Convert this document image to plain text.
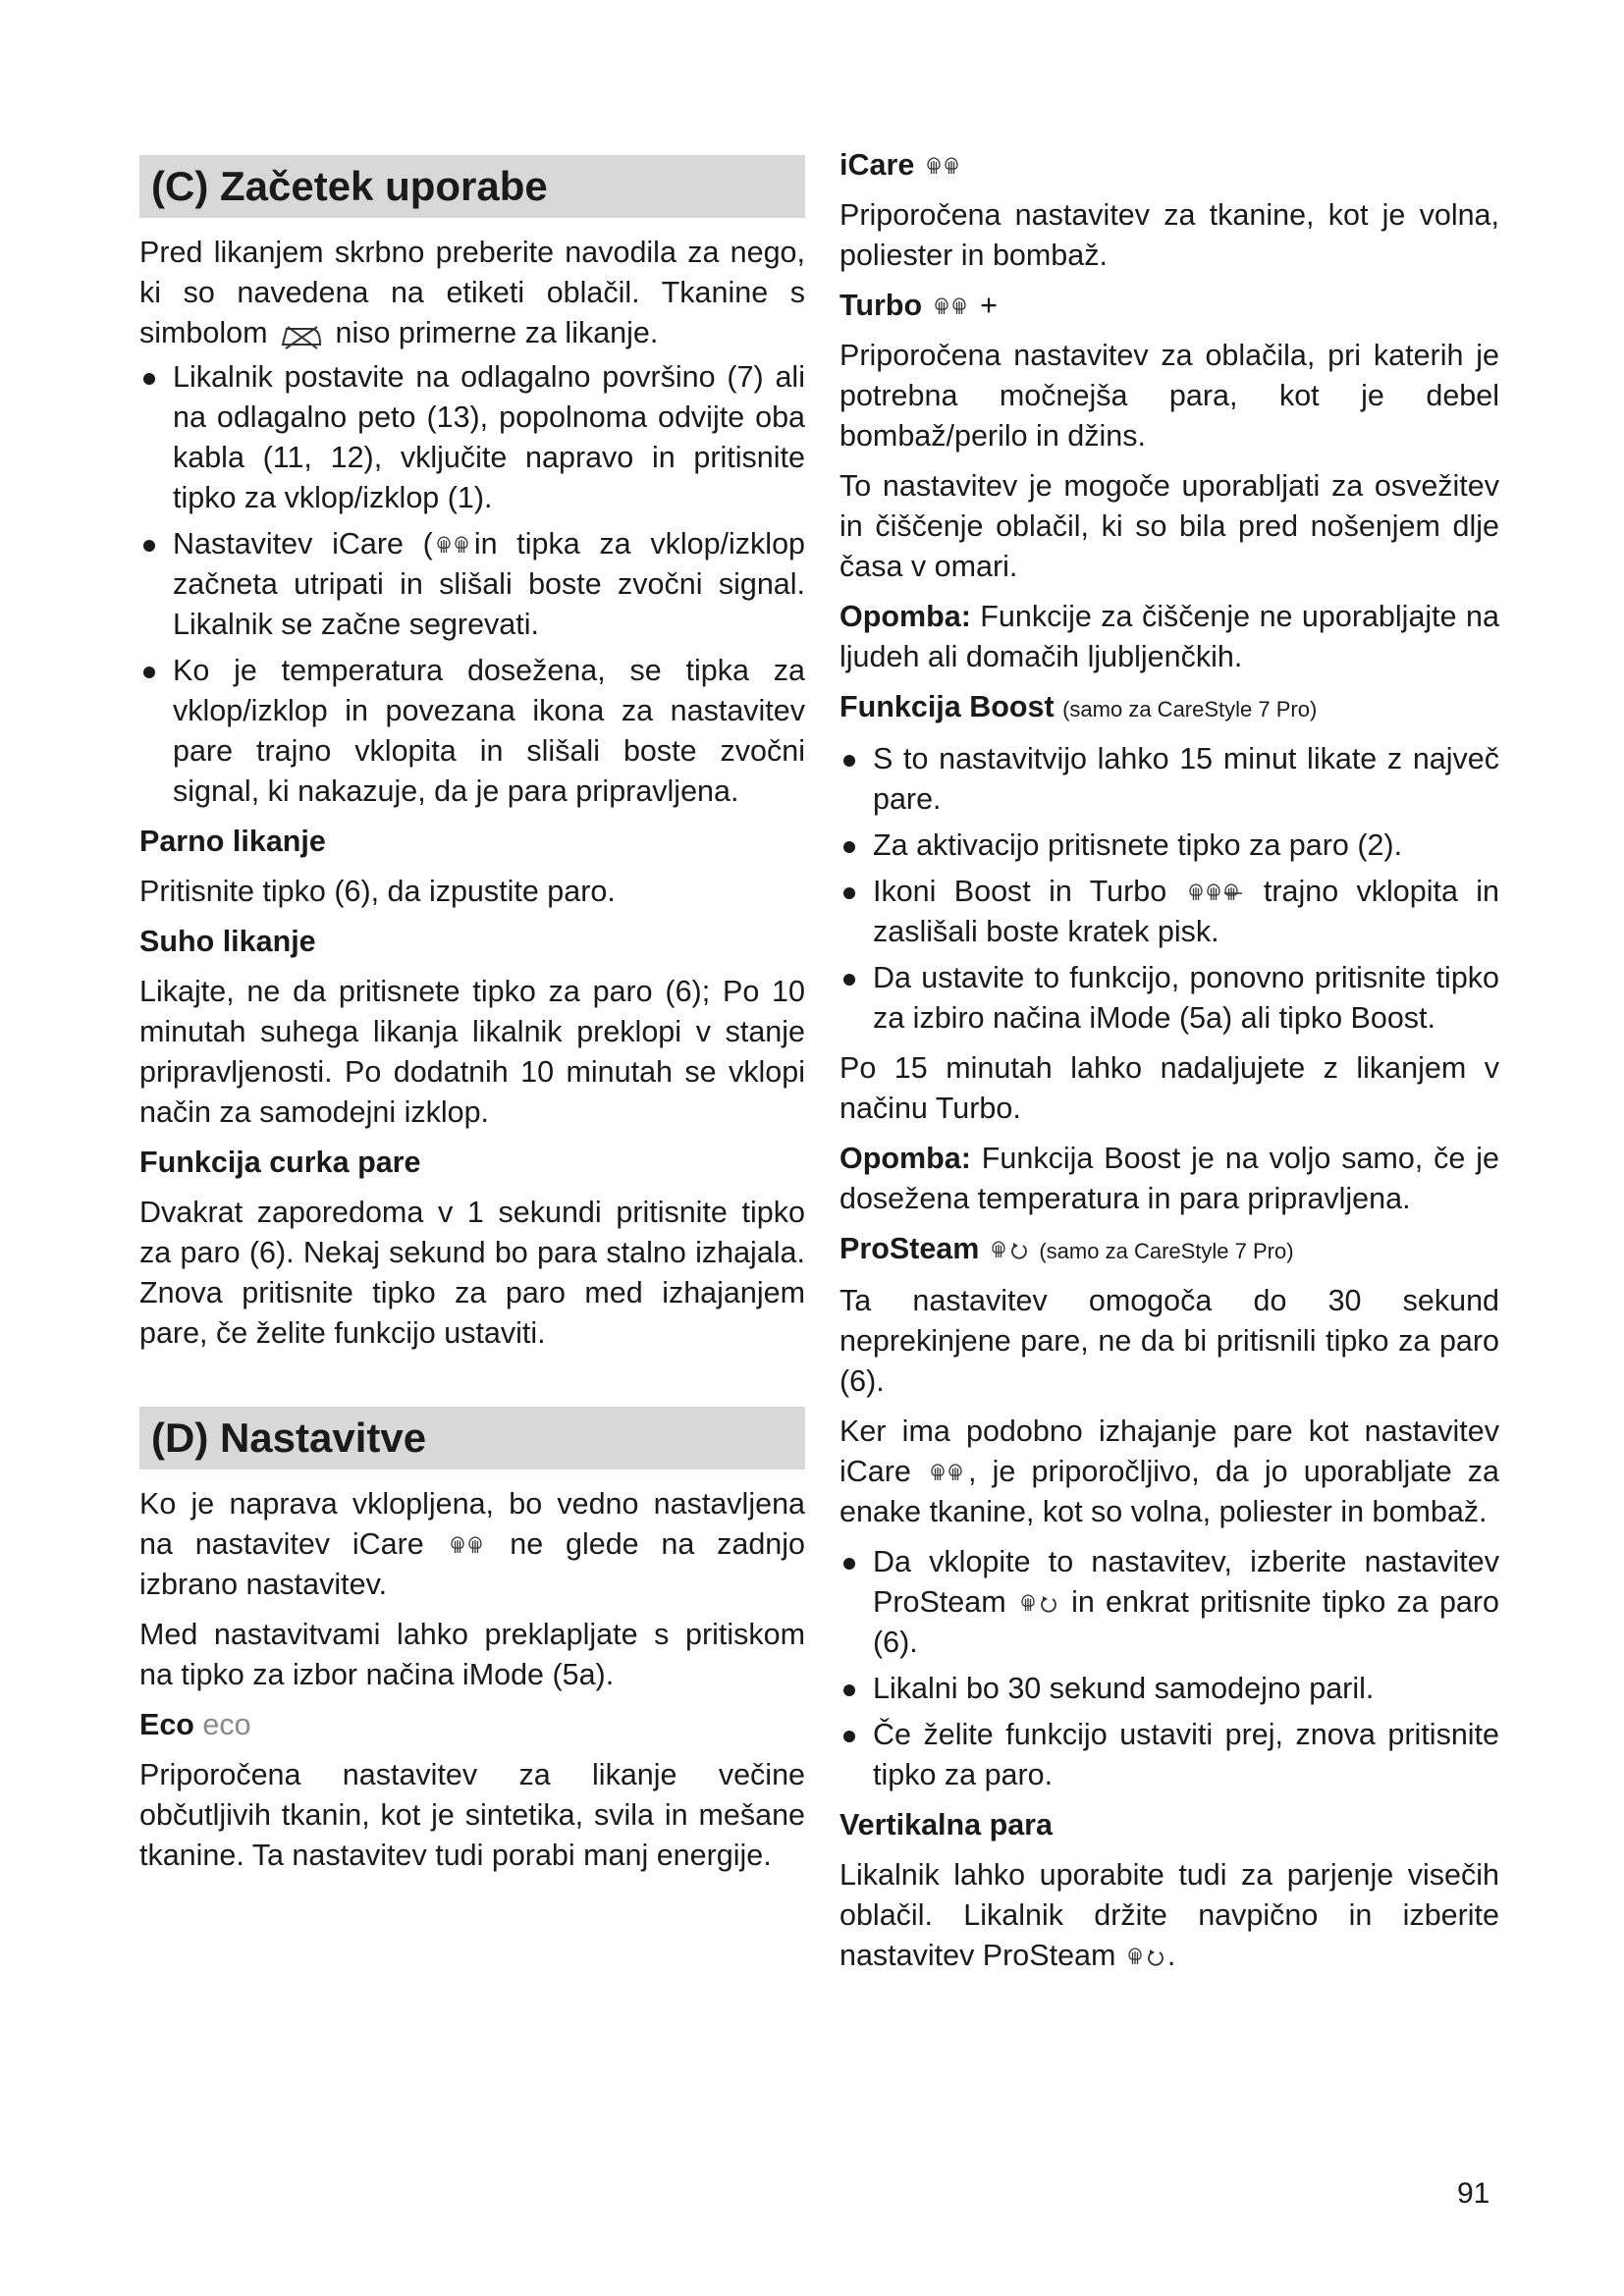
(C) Začetek uporabe

Pred likanjem skrbno preberite navodila za nego, ki so navedena na etiketi oblačil. Tkanine s simbolom niso primerne za likanje.

Likalnik postavite na odlagalno površino (7) ali na odlagalno peto (13), popolnoma odvijte oba kabla (11, 12), vključite napravo in pritisnite tipko za vklop/izklop (1).
Nastavitev iCare ( in tipka za vklop/izklop začneta utripati in slišali boste zvočni signal. Likalnik se začne segrevati.
Ko je temperatura dosežena, se tipka za vklop/izklop in povezana ikona za nastavitev pare trajno vklopita in slišali boste zvočni signal, ki nakazuje, da je para pripravljena.
Parno likanje

Pritisnite tipko (6), da izpustite paro.

Suho likanje

Likajte, ne da pritisnete tipko za paro (6); Po 10 minutah suhega likanja likalnik preklopi v stanje pripravljenosti. Po dodatnih 10 minutah se vklopi način za samodejni izklop.

Funkcija curka pare

Dvakrat zaporedoma v 1 sekundi pritisnite tipko za paro (6). Nekaj sekund bo para stalno izhajala. Znova pritisnite tipko za paro med izhajanjem pare, če želite funkcijo ustaviti.

(D) Nastavitve

Ko je naprava vklopljena, bo vedno nastavljena na nastavitev iCare	ne glede na zadnjo izbrano nastavitev.

Med nastavitvami lahko preklapljate s pritiskom na tipko za izbor načina iMode (5a).

Eco eco

Priporočena nastavitev za likanje večine občutljivih tkanin, kot je sintetika, svila in mešane tkanine. Ta nastavitev tudi porabi manj energije.

iCare

Priporočena nastavitev za tkanine, kot je volna, poliester in bombaž.

Turbo +

Priporočena nastavitev za oblačila, pri katerih je potrebna močnejša para, kot je debel bombaž/perilo in džins.

To nastavitev je mogoče uporabljati za osvežitev in čiščenje oblačil, ki so bila pred nošenjem dlje časa v omari.

Opomba: Funkcije za čiščenje ne uporabljajte na ljudeh ali domačih ljubljenčkih.

Funkcija Boost (samo za CareStyle 7 Pro)
S to nastavitvijo lahko 15 minut likate z največ pare.
Za aktivacijo pritisnete tipko za paro (2).
Ikoni Boost in Turbo	trajno vklopita in zaslišali boste kratek pisk.
Da ustavite to funkcijo, ponovno pritisnite tipko za izbiro načina iMode (5a) ali tipko Boost.

Po 15 minutah lahko nadaljujete z likanjem v načinu Turbo.

Opomba: Funkcija Boost je na voljo samo, če je dosežena temperatura in para pripravljena.

ProSteam	(samo za CareStyle 7 Pro)

Ta nastavitev omogoča do 30 sekund neprekinjene pare, ne da bi pritisnili tipko za paro (6).

Ker ima podobno izhajanje pare kot nastavitev iCare , je priporočljivo, da jo uporabljate za enake tkanine, kot so volna, poliester in bombaž.

Da vklopite to nastavitev, izberite nastavitev ProSteam in enkrat pritisnite tipko za paro (6).
Likalni bo 30 sekund samodejno paril.
Če želite funkcijo ustaviti prej, znova pritisnite tipko za paro.
Vertikalna para

Likalnik lahko uporabite tudi za parjenje visečih oblačil. Likalnik držite navpično in izberite nastavitev ProSteam .

91
